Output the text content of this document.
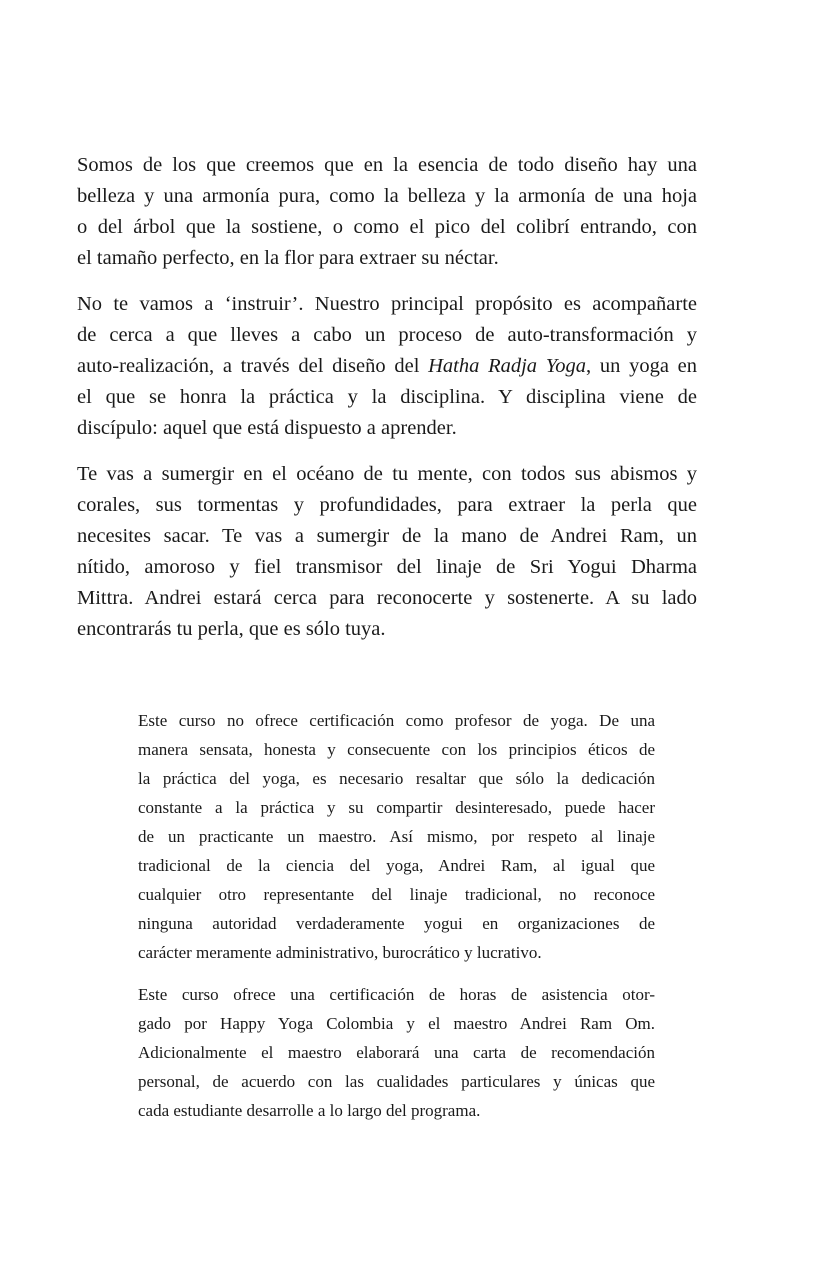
Somos de los que creemos que en la esencia de todo diseño hay una
belleza y una armonía pura, como la belleza y la armonía de una hoja
o del árbol que la sostiene, o como el pico del colibrí entrando, con
el tamaño perfecto, en la flor para extraer su néctar.
No te vamos a ‘instruir’. Nuestro principal propósito es acompañarte
de cerca a que lleves a cabo un proceso de auto-transformación y
auto-realización, a través del diseño del Hatha Radja Yoga, un yoga en
el que se honra la práctica y la disciplina. Y disciplina viene de
discípulo: aquel que está dispuesto a aprender.
Te vas a sumergir en el océano de tu mente, con todos sus abismos y
corales, sus tormentas y profundidades, para extraer la perla que
necesites sacar. Te vas a sumergir de la mano de Andrei Ram, un
nítido, amoroso y fiel transmisor del linaje de Sri Yogui Dharma
Mittra. Andrei estará cerca para reconocerte y sostenerte. A su lado
encontrarás tu perla, que es sólo tuya.
Este curso no ofrece certificación como profesor de yoga. De una
manera sensata, honesta y consecuente con los principios éticos de
la práctica del yoga, es necesario resaltar que sólo la dedicación
constante a la práctica y su compartir desinteresado, puede hacer
de un practicante un maestro. Así mismo, por respeto al linaje
tradicional de la ciencia del yoga, Andrei Ram, al igual que
cualquier otro representante del linaje tradicional, no reconoce
ninguna autoridad verdaderamente yogui en organizaciones de
carácter meramente administrativo, burocrático y lucrativo.
Este curso ofrece una certificación de horas de asistencia otor-
gado por Happy Yoga Colombia y el maestro Andrei Ram Om.
Adicionalmente el maestro elaborará una carta de recomendación
personal, de acuerdo con las cualidades particulares y únicas que
cada estudiante desarrolle a lo largo del programa.
